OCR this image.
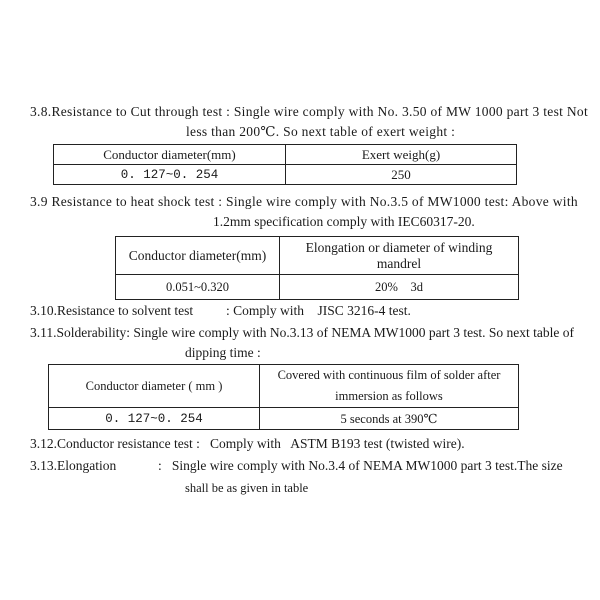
3.8.Resistance to Cut through test : Single wire comply with No. 3.50 of MW 1000 part 3 test Not
less than 200℃. So next table of exert weight :
Conductor diameter(mm)	Exert weigh(g)
0. 127~0. 254	250
3.9 Resistance to heat shock test : Single wire comply with No.3.5 of MW1000 test: Above with
1.2mm specification comply with IEC60317-20.
Conductor diameter(mm)	Elongation or diameter of winding mandrel
0.051~0.320	20%    3d
3.10.Resistance to solvent test : Comply with    JISC 3216-4 test.
3.11.Solderability: Single wire comply with No.3.13 of NEMA MW1000 part 3 test. So next table of
dipping time :
Conductor diameter ( mm )	Covered with continuous film of solder after
immersion as follows

0. 127~0. 254	5 seconds at 390℃
3.12.Conductor resistance test :   Comply with   ASTM B193 test (twisted wire).
3.13.Elongation	:   Single wire comply with No.3.4 of NEMA MW1000 part 3 test.The size
shall be as given in table
